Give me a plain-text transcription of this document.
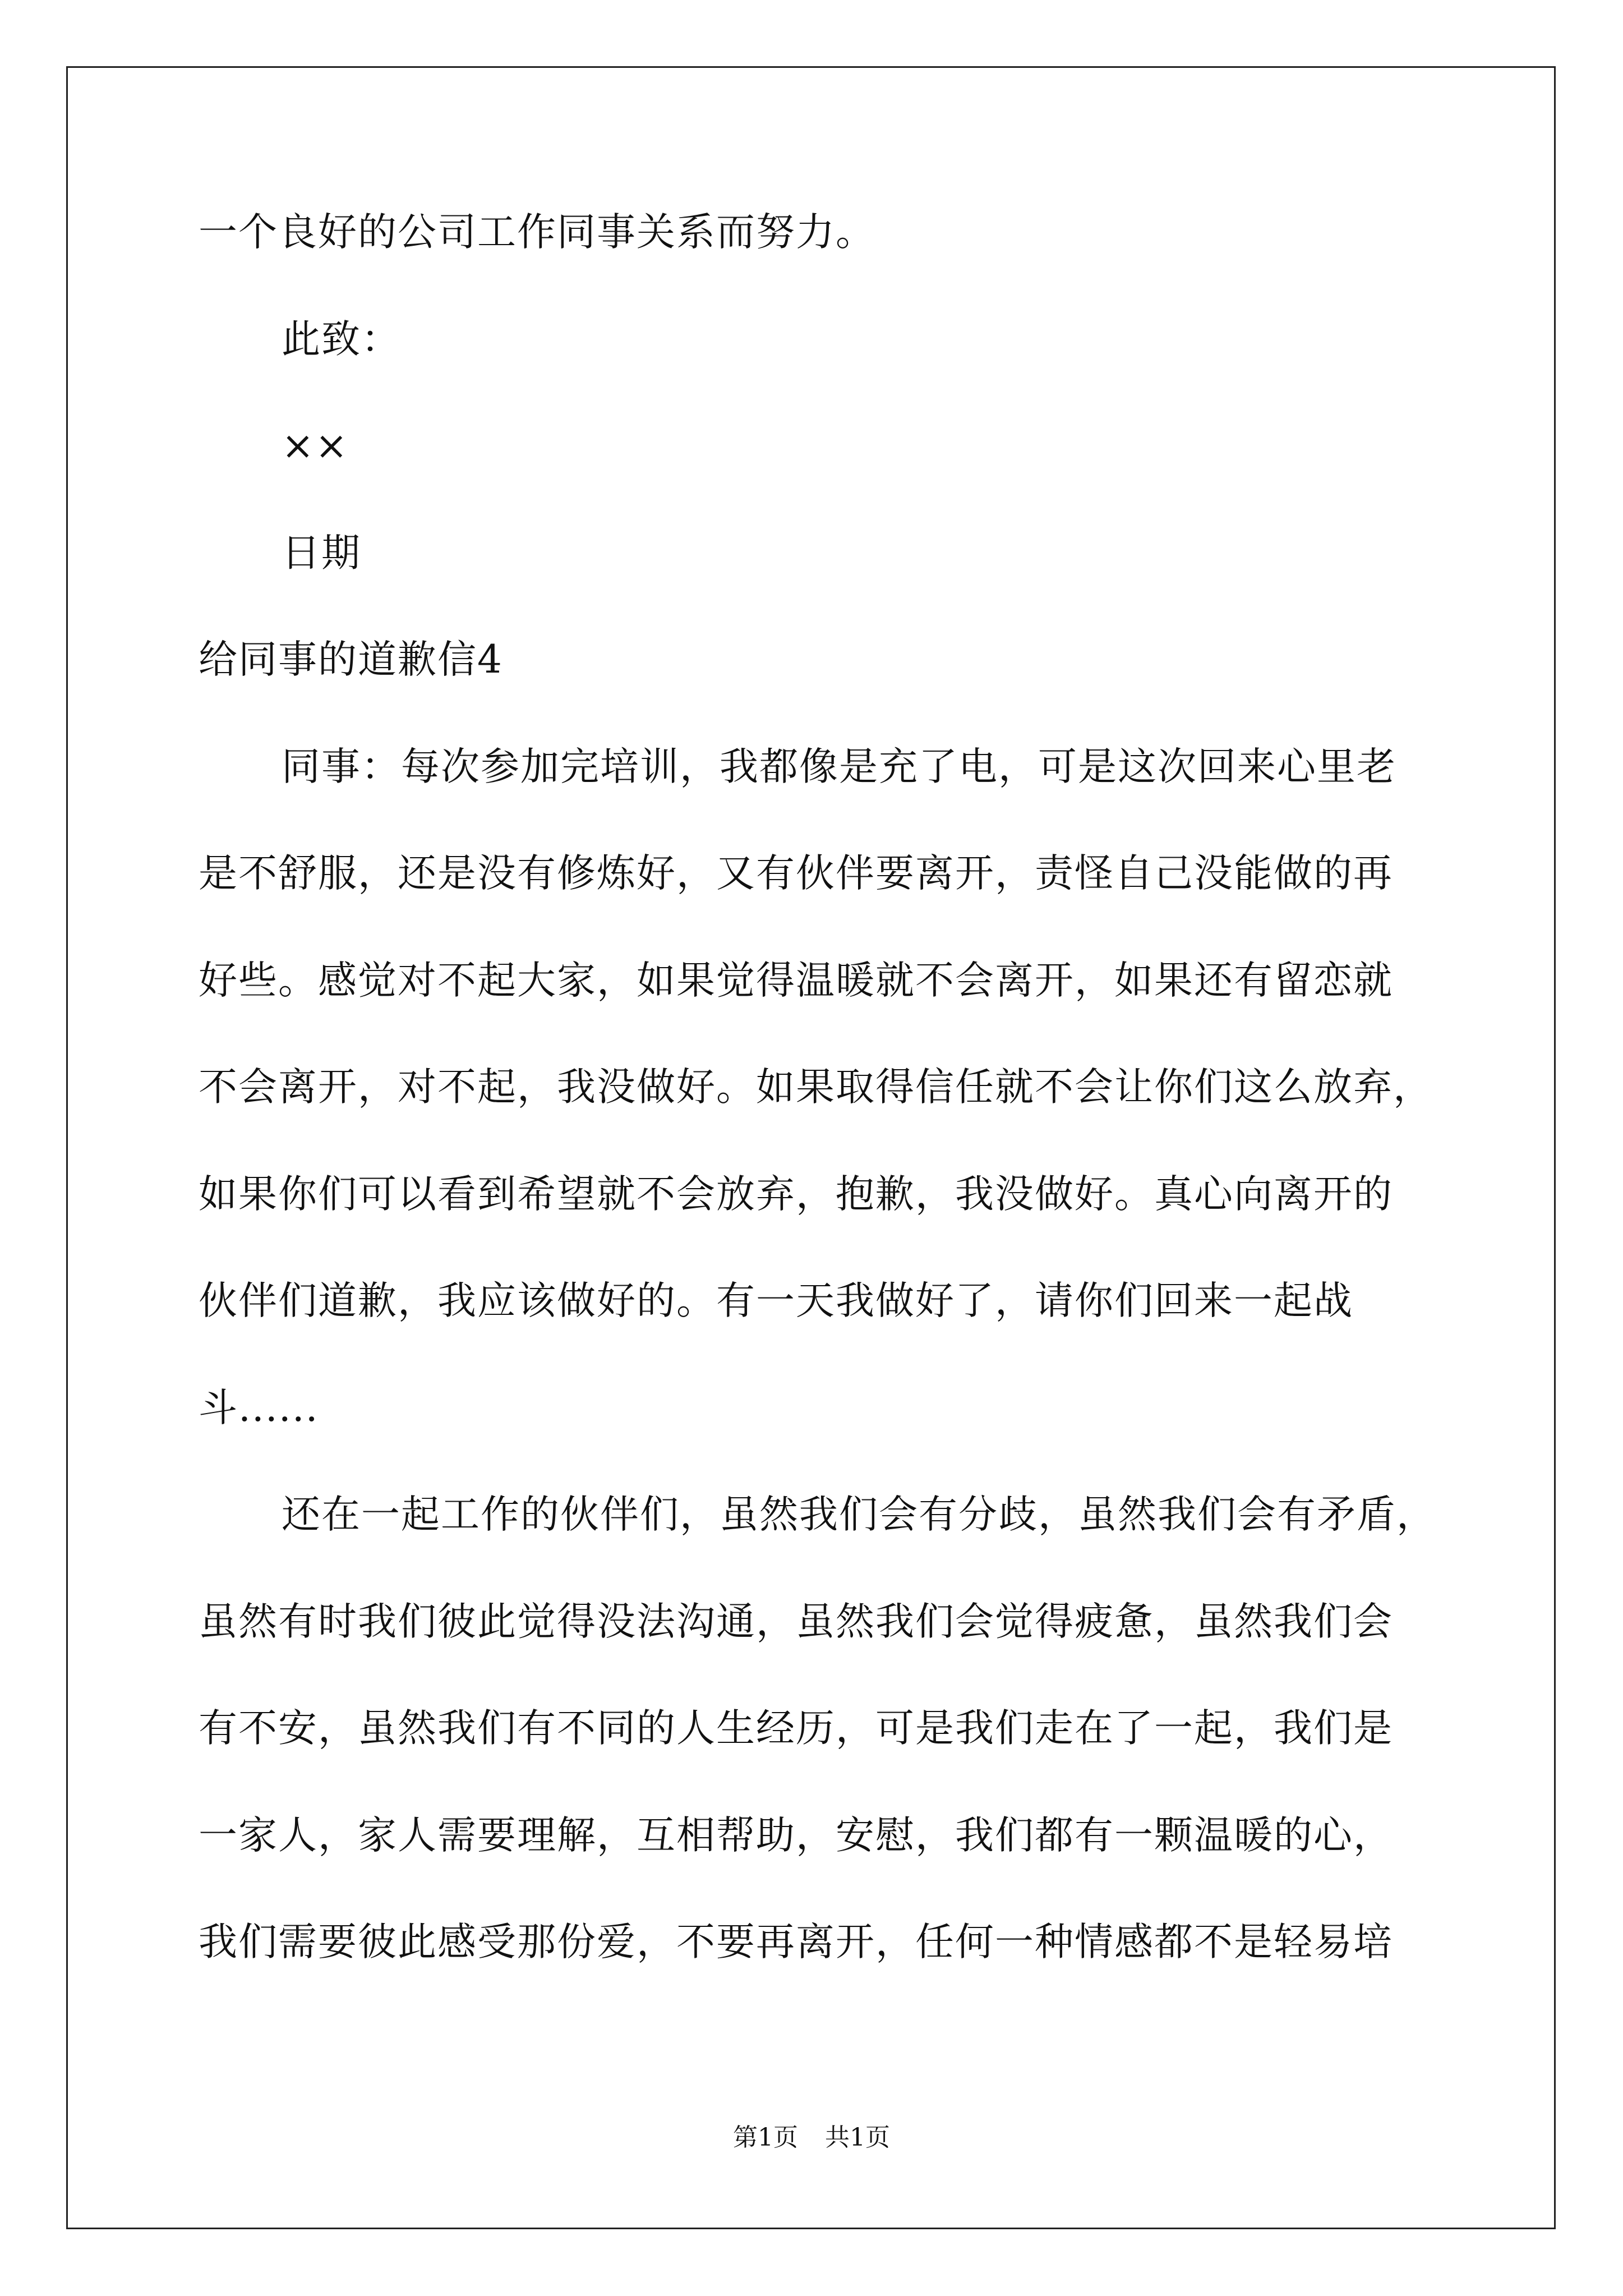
一个良好的公司工作同事关系而努力。
此致：
××
日期
给同事的道歉信4
同事：每次参加完培训，我都像是充了电，可是这次回来心里老
是不舒服，还是没有修炼好，又有伙伴要离开，责怪自己没能做的再
好些。感觉对不起大家，如果觉得温暖就不会离开，如果还有留恋就
不会离开，对不起，我没做好。如果取得信任就不会让你们这么放弃，
如果你们可以看到希望就不会放弃，抱歉，我没做好。真心向离开的
伙伴们道歉，我应该做好的。有一天我做好了，请你们回来一起战
斗......
还在一起工作的伙伴们，虽然我们会有分歧，虽然我们会有矛盾，
虽然有时我们彼此觉得没法沟通，虽然我们会觉得疲惫，虽然我们会
有不安，虽然我们有不同的人生经历，可是我们走在了一起，我们是
一家人，家人需要理解，互相帮助，安慰，我们都有一颗温暖的心，
我们需要彼此感受那份爱，不要再离开，任何一种情感都不是轻易培
第1页 共1页
